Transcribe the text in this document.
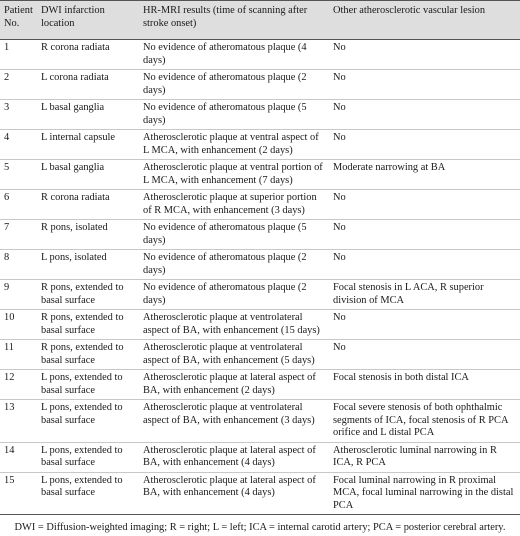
Patient No.	DWI infarction location	HR-MRI results (time of scanning after stroke onset)	Other atherosclerotic vascular lesion
1	R corona radiata	No evidence of atheromatous plaque (4 days)	No
2	L corona radiata	No evidence of atheromatous plaque (2 days)	No
3	L basal ganglia	No evidence of atheromatous plaque (5 days)	No
4	L internal capsule	Atherosclerotic plaque at ventral aspect of L MCA, with enhancement (2 days)	No
5	L basal ganglia	Atherosclerotic plaque at ventral portion of L MCA, with enhancement (7 days)	Moderate narrowing at BA
6	R corona radiata	Atherosclerotic plaque at superior portion of R MCA, with enhancement (3 days)	No
7	R pons, isolated	No evidence of atheromatous plaque (5 days)	No
8	L pons, isolated	No evidence of atheromatous plaque (2 days)	No
9	R pons, extended to basal surface	No evidence of atheromatous plaque (2 days)	Focal stenosis in L ACA, R superior division of MCA
10	R pons, extended to basal surface	Atherosclerotic plaque at ventrolateral aspect of BA, with enhancement (15 days)	No
11	R pons, extended to basal surface	Atherosclerotic plaque at ventrolateral aspect of BA, with enhancement (5 days)	No
12	L pons, extended to basal surface	Atherosclerotic plaque at lateral aspect of BA, with enhancement (2 days)	Focal stenosis in both distal ICA
13	L pons, extended to basal surface	Atherosclerotic plaque at ventrolateral aspect of BA, with enhancement (3 days)	Focal severe stenosis of both ophthalmic segments of ICA, focal stenosis of R PCA orifice and L distal PCA
14	L pons, extended to basal surface	Atherosclerotic plaque at lateral aspect of BA, with enhancement (4 days)	Atherosclerotic luminal narrowing in R ICA, R PCA
15	L pons, extended to basal surface	Atherosclerotic plaque at lateral aspect of BA, with enhancement (4 days)	Focal luminal narrowing in R proximal MCA, focal luminal narrowing in the distal PCA
DWI = Diffusion-weighted imaging; R = right; L = left; ICA = internal carotid artery; PCA = posterior cerebral artery.
